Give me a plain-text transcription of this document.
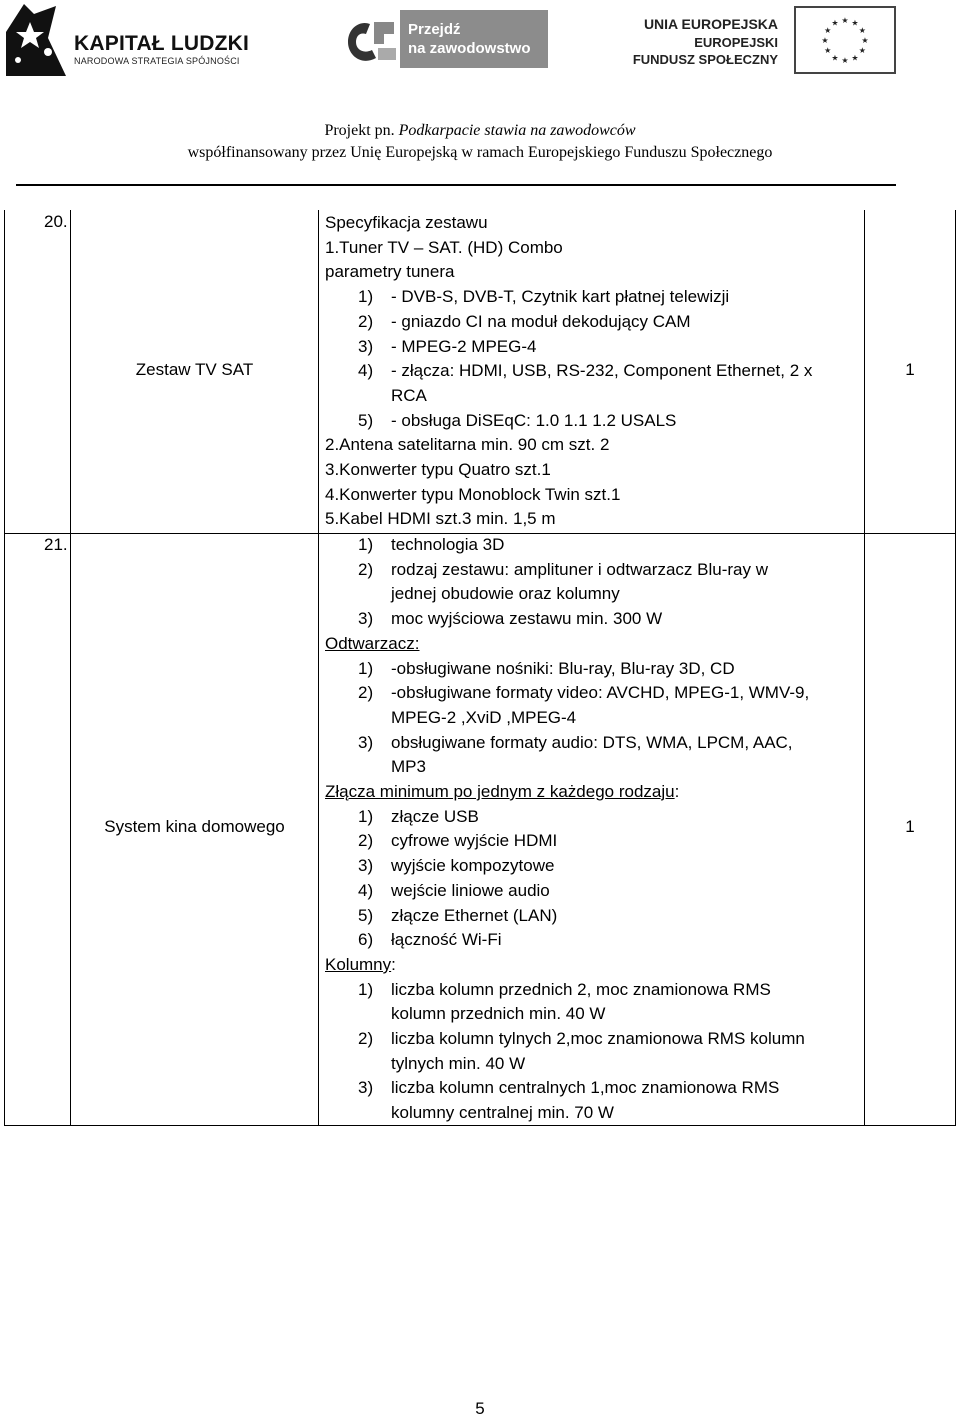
KAPITAŁ LUDZKI
NARODOWA STRATEGIA SPÓJNOŚCI
Przejdź
na zawodowstwo
UNIA EUROPEJSKA
EUROPEJSKI
FUNDUSZ SPOŁECZNY
★
★
★
★
★
★
★
★
★ ★ ★
★
Projekt pn. Podkarpacie stawia na zawodowców
współfinansowany przez Unię Europejską w ramach Europejskiego Funduszu Społecznego
20.
Zestaw TV SAT	1
Specyfikacja zestawu
1.Tuner TV – SAT. (HD) Combo
parametry tunera
1) - DVB-S, DVB-T, Czytnik kart płatnej telewizji
2) - gniazdo CI na moduł dekodujący CAM
3) - MPEG-2 MPEG-4
4) - złącza: HDMI, USB, RS-232, Component Ethernet, 2 x
RCA
5) - obsługa DiSEqC: 1.0 1.1 1.2 USALS
2.Antena satelitarna min. 90 cm szt. 2
3.Konwerter typu Quatro szt.1
4.Konwerter typu Monoblock Twin szt.1
5.Kabel HDMI szt.3 min. 1,5 m
21.
System kina domowego	1
1) technologia 3D
2) rodzaj zestawu: amplituner i odtwarzacz Blu-ray w
jednej obudowie oraz kolumny
3) moc wyjściowa zestawu min. 300 W
Odtwarzacz:
1) -obsługiwane nośniki: Blu-ray, Blu-ray 3D, CD
2) -obsługiwane formaty video: AVCHD, MPEG-1, WMV-9,
MPEG-2 ,XviD ,MPEG-4
3) obsługiwane formaty audio: DTS, WMA, LPCM, AAC,
MP3
Złącza minimum po jednym z każdego rodzaju:
1) złącze USB
2) cyfrowe wyjście HDMI
3) wyjście kompozytowe
4) wejście liniowe audio
5) złącze Ethernet (LAN)
6) łączność Wi-Fi
Kolumny:
1) liczba kolumn przednich 2, moc znamionowa RMS
kolumn przednich min. 40 W
2) liczba kolumn tylnych 2,moc znamionowa RMS kolumn
tylnych min. 40 W
3) liczba kolumn centralnych 1,moc znamionowa RMS
kolumny centralnej min. 70 W
5
